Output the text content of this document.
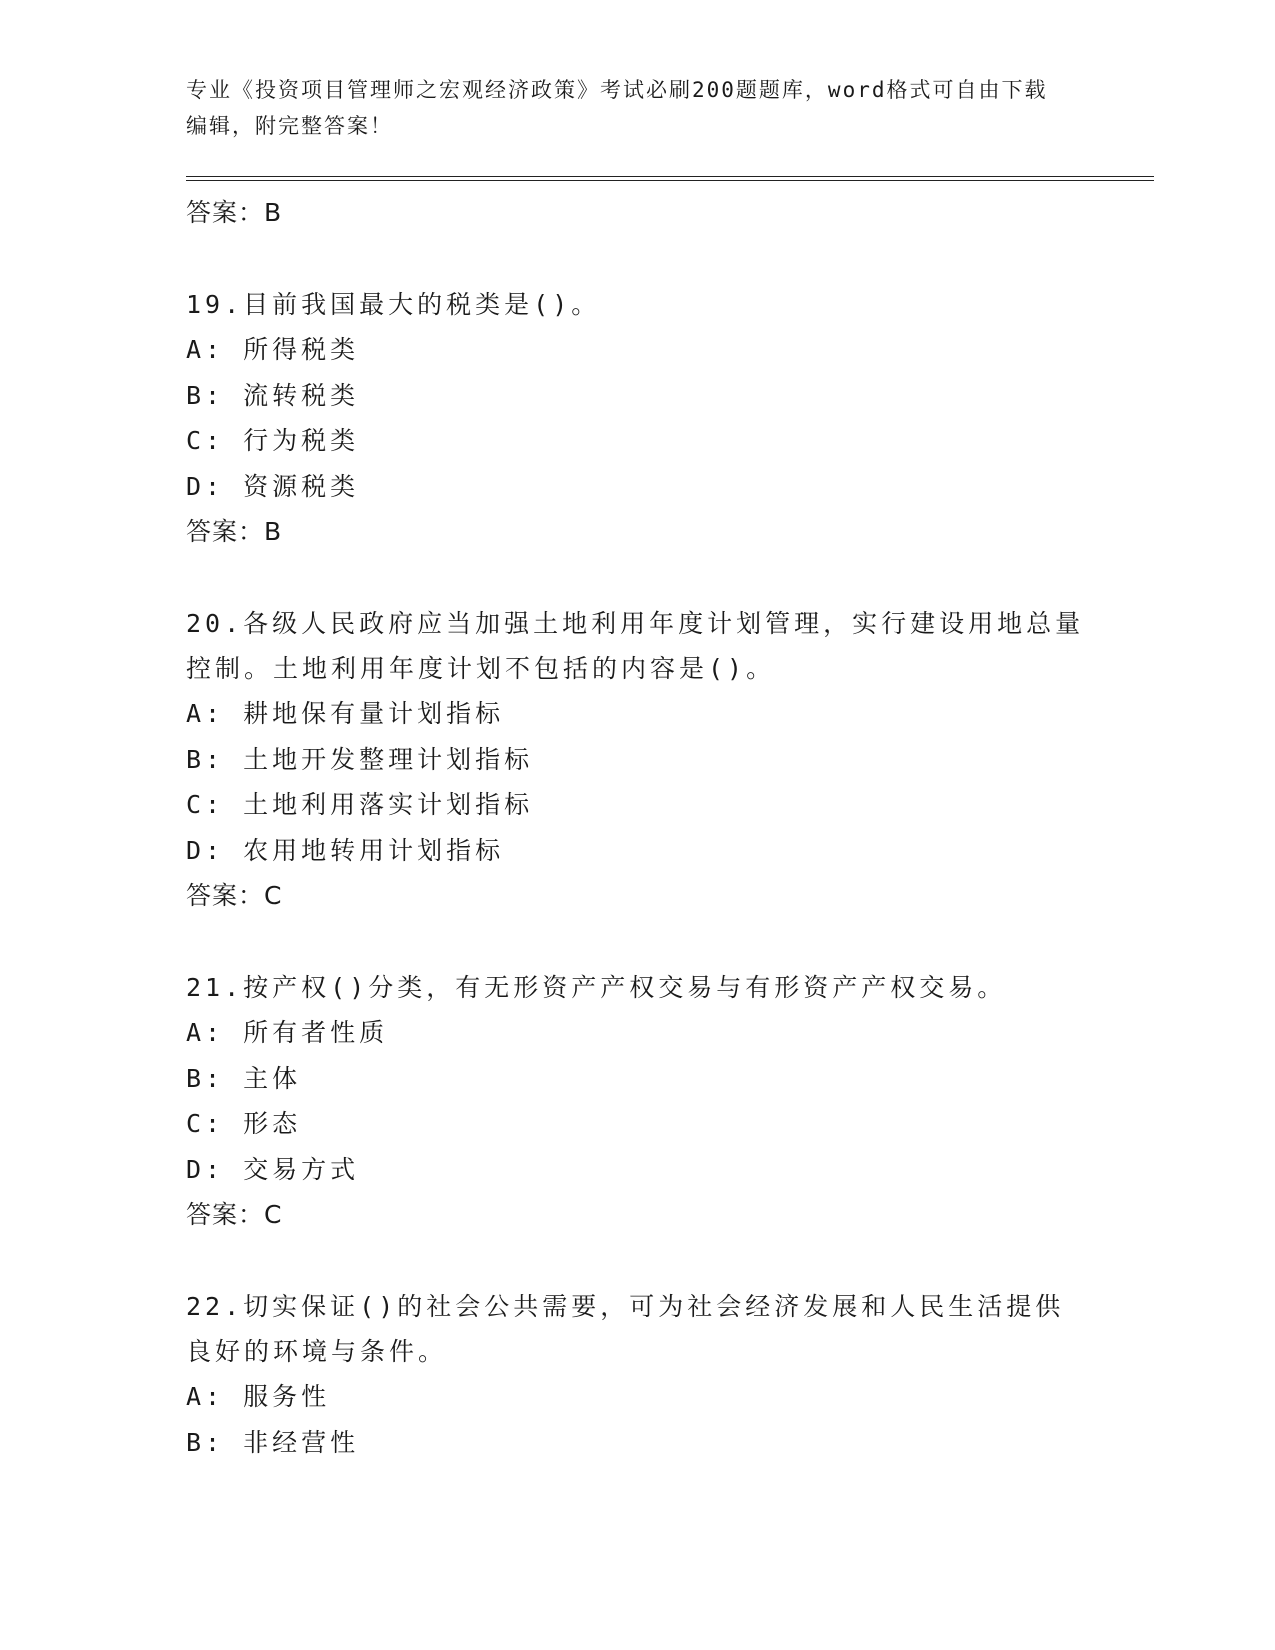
专业《投资项目管理师之宏观经济政策》考试必刷200题题库，word格式可自由下载编辑，附完整答案！
答案：B
19.目前我国最大的税类是()。
A: 所得税类
B: 流转税类
C: 行为税类
D: 资源税类
答案：B
20.各级人民政府应当加强土地利用年度计划管理，实行建设用地总量控制。土地利用年度计划不包括的内容是()。
A: 耕地保有量计划指标
B: 土地开发整理计划指标
C: 土地利用落实计划指标
D: 农用地转用计划指标
答案：C
21.按产权()分类，有无形资产产权交易与有形资产产权交易。
A: 所有者性质
B: 主体
C: 形态
D: 交易方式
答案：C
22.切实保证()的社会公共需要，可为社会经济发展和人民生活提供良好的环境与条件。
A: 服务性
B: 非经营性
